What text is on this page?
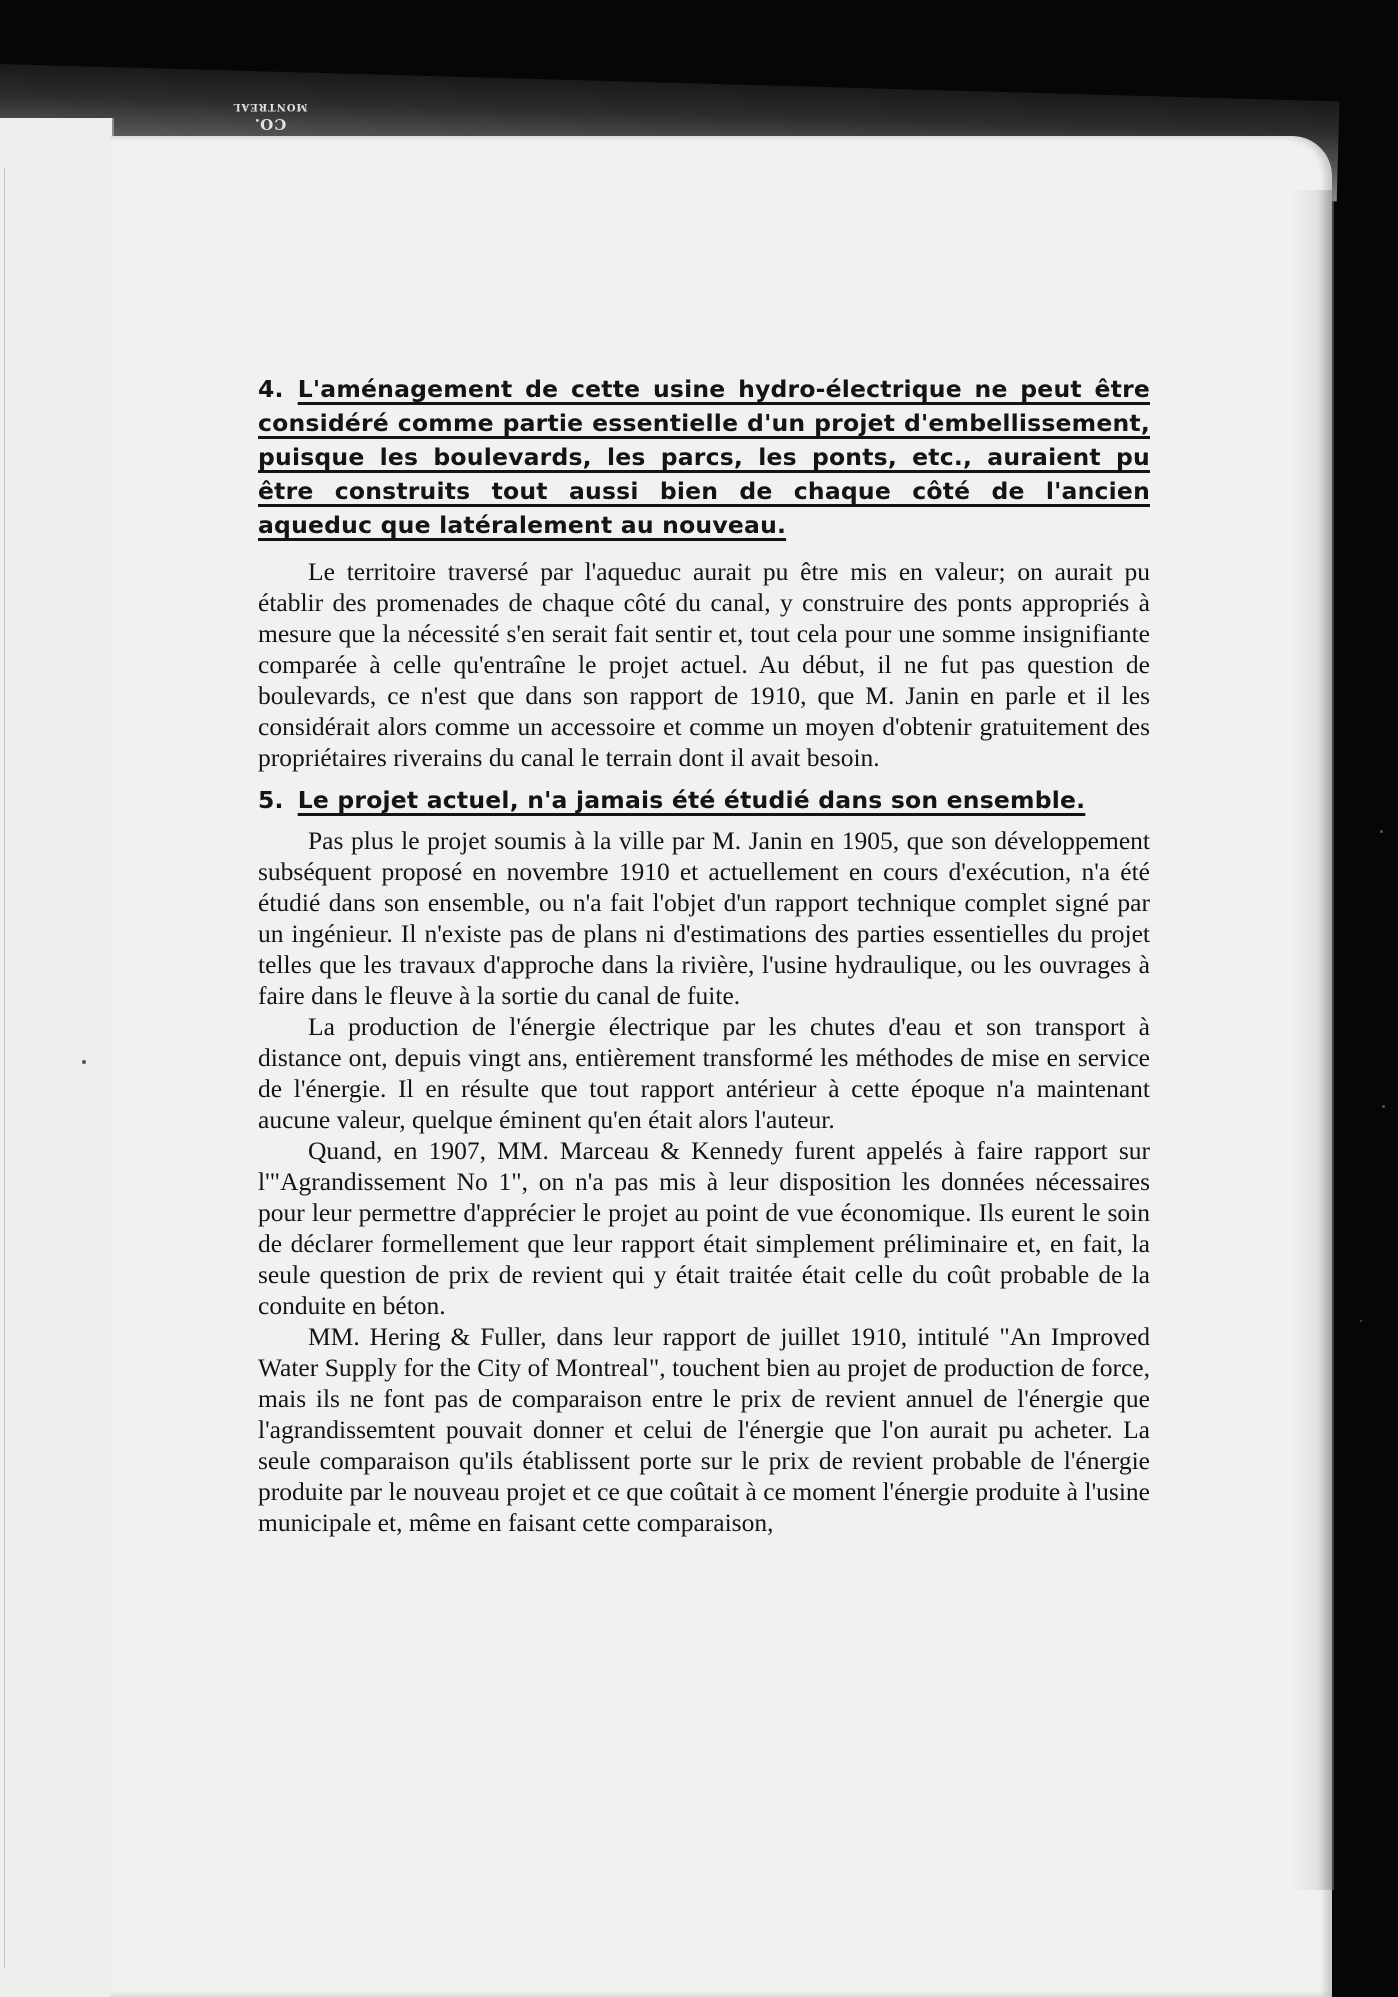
CO.
MONTREAL

4. L'aménagement de cette usine hydro-électrique ne peut être considéré comme partie essentielle d'un projet d'embellissement, puisque les boulevards, les parcs, les ponts, etc., auraient pu être construits tout aussi bien de chaque côté de l'ancien aqueduc que latéralement au nouveau.

Le territoire traversé par l'aqueduc aurait pu être mis en valeur; on aurait pu établir des promenades de chaque côté du canal, y construire des ponts appropriés à mesure que la nécessité s'en serait fait sentir et, tout cela pour une somme insignifiante comparée à celle qu'entraîne le projet actuel. Au début, il ne fut pas question de boulevards, ce n'est que dans son rapport de 1910, que M. Janin en parle et il les considérait alors comme un accessoire et comme un moyen d'obtenir gratuitement des propriétaires riverains du canal le terrain dont il avait besoin.

5. Le projet actuel, n'a jamais été étudié dans son ensemble.

Pas plus le projet soumis à la ville par M. Janin en 1905, que son développement subséquent proposé en novembre 1910 et actuellement en cours d'exécution, n'a été étudié dans son ensemble, ou n'a fait l'objet d'un rapport technique complet signé par un ingénieur. Il n'existe pas de plans ni d'estimations des parties essentielles du projet telles que les travaux d'approche dans la rivière, l'usine hydraulique, ou les ouvrages à faire dans le fleuve à la sortie du canal de fuite.

La production de l'énergie électrique par les chutes d'eau et son transport à distance ont, depuis vingt ans, entièrement transformé les méthodes de mise en service de l'énergie. Il en résulte que tout rapport antérieur à cette époque n'a maintenant aucune valeur, quelque éminent qu'en était alors l'auteur.

Quand, en 1907, MM. Marceau & Kennedy furent appelés à faire rapport sur l'"Agrandissement No 1", on n'a pas mis à leur disposition les données nécessaires pour leur permettre d'apprécier le projet au point de vue économique. Ils eurent le soin de déclarer formellement que leur rapport était simplement préliminaire et, en fait, la seule question de prix de revient qui y était traitée était celle du coût probable de la conduite en béton.

MM. Hering & Fuller, dans leur rapport de juillet 1910, intitulé "An Improved Water Supply for the City of Montreal", touchent bien au projet de production de force, mais ils ne font pas de comparaison entre le prix de revient annuel de l'énergie que l'agrandissemtent pouvait donner et celui de l'énergie que l'on aurait pu acheter. La seule comparaison qu'ils établissent porte sur le prix de revient probable de l'énergie produite par le nouveau projet et ce que coûtait à ce moment l'énergie produite à l'usine municipale et, même en faisant cette comparaison,
